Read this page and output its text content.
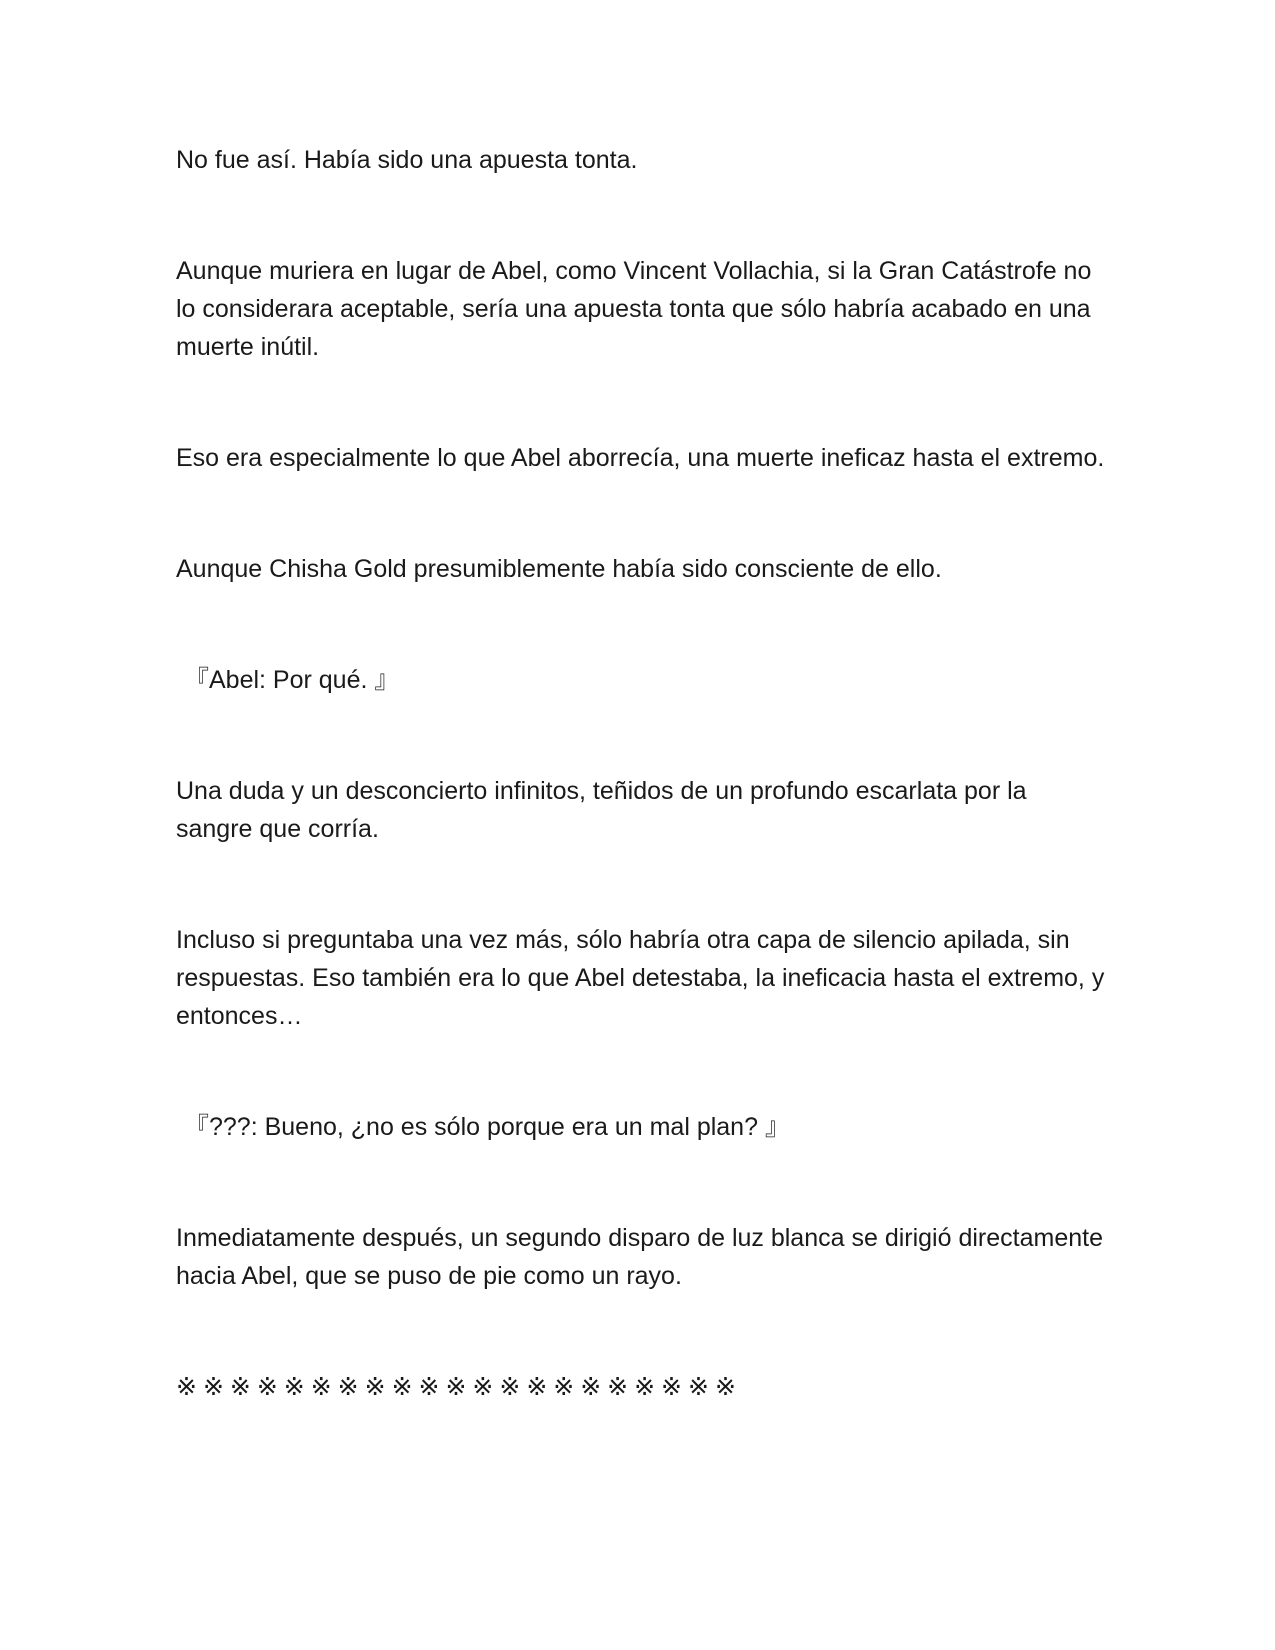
No fue así. Había sido una apuesta tonta.

Aunque muriera en lugar de Abel, como Vincent Vollachia, si la Gran Catástrofe no lo considerara aceptable, sería una apuesta tonta que sólo habría acabado en una muerte inútil.

Eso era especialmente lo que Abel aborrecía, una muerte ineficaz hasta el extremo.

Aunque Chisha Gold presumiblemente había sido consciente de ello.

『Abel: Por qué. 』

Una duda y un desconcierto infinitos, teñidos de un profundo escarlata por la sangre que corría.

Incluso si preguntaba una vez más, sólo habría otra capa de silencio apilada, sin respuestas. Eso también era lo que Abel detestaba, la ineficacia hasta el extremo, y entonces…

『???: Bueno, ¿no es sólo porque era un mal plan? 』

Inmediatamente después, un segundo disparo de luz blanca se dirigió directamente hacia Abel, que se puso de pie como un rayo.

※※※※※※※※※※※※※※※※※※※※※
